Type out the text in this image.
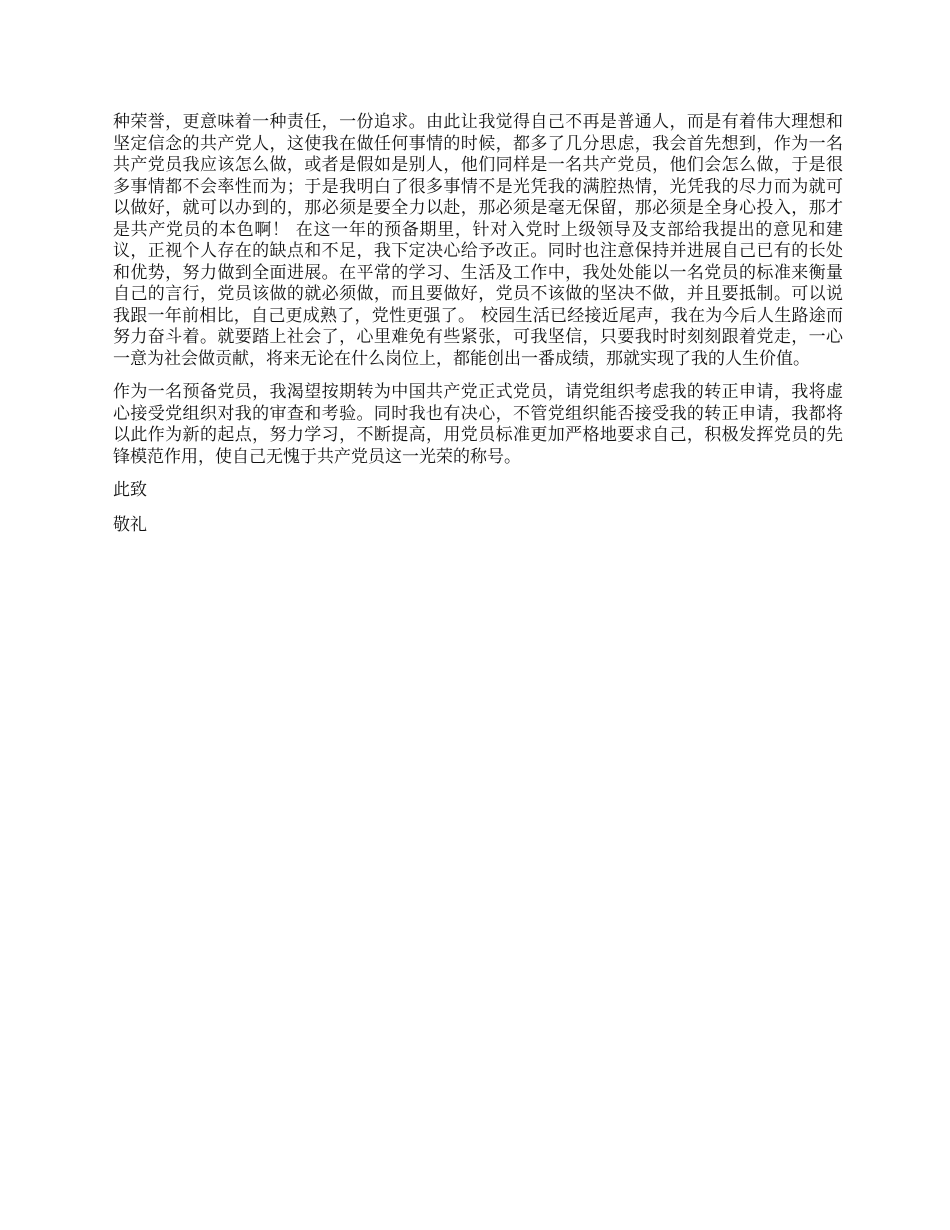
种荣誉，更意味着一种责任，一份追求。由此让我觉得自己不再是普通人，而是有着伟大理想和坚定信念的共产党人，这使我在做任何事情的时候，都多了几分思虑，我会首先想到，作为一名共产党员我应该怎么做，或者是假如是别人，他们同样是一名共产党员，他们会怎么做，于是很多事情都不会率性而为；于是我明白了很多事情不是光凭我的满腔热情，光凭我的尽力而为就可以做好，就可以办到的，那必须是要全力以赴，那必须是毫无保留，那必须是全身心投入，那才是共产党员的本色啊！ 在这一年的预备期里，针对入党时上级领导及支部给我提出的意见和建议，正视个人存在的缺点和不足，我下定决心给予改正。同时也注意保持并进展自己已有的长处和优势，努力做到全面进展。在平常的学习、生活及工作中，我处处能以一名党员的标准来衡量自己的言行，党员该做的就必须做，而且要做好，党员不该做的坚决不做，并且要抵制。可以说我跟一年前相比，自己更成熟了，党性更强了。 校园生活已经接近尾声，我在为今后人生路途而努力奋斗着。就要踏上社会了，心里难免有些紧张，可我坚信，只要我时时刻刻跟着党走，一心一意为社会做贡献，将来无论在什么岗位上，都能创出一番成绩，那就实现了我的人生价值。

作为一名预备党员，我渴望按期转为中国共产党正式党员，请党组织考虑我的转正申请，我将虚心接受党组织对我的审查和考验。同时我也有决心，不管党组织能否接受我的转正申请，我都将以此作为新的起点，努力学习，不断提高，用党员标准更加严格地要求自己，积极发挥党员的先锋模范作用，使自己无愧于共产党员这一光荣的称号。

此致

敬礼
